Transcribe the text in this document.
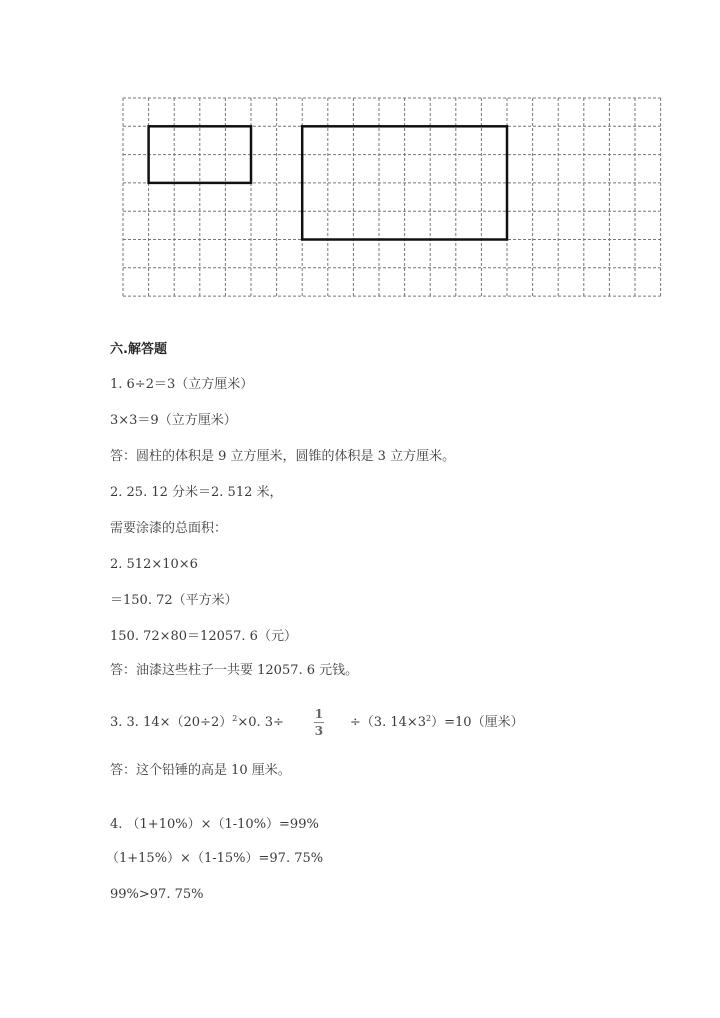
六.解答题
1. 6÷2＝3（立方厘米）
3×3＝9（立方厘米）
答：圆柱的体积是 9 立方厘米，圆锥的体积是 3 立方厘米。
2. 25. 12 分米＝2. 512 米，
需要涂漆的总面积：
2. 512×10×6
＝150. 72（平方米）
150. 72×80＝12057. 6（元）
答：油漆这些柱子一共要 12057. 6 元钱。
3. 3. $14\times(20\div 2)^2\times 0$. 3÷	$\frac{1}{3} \div(3$. $14\times 3^2)=10$（厘米）
答：这个铅锤的高是 10 厘米。
4. （1+10%）×（1-10%）=99%
（1+15%）×（1-15%）=97. 75%
99%>97. 75%
